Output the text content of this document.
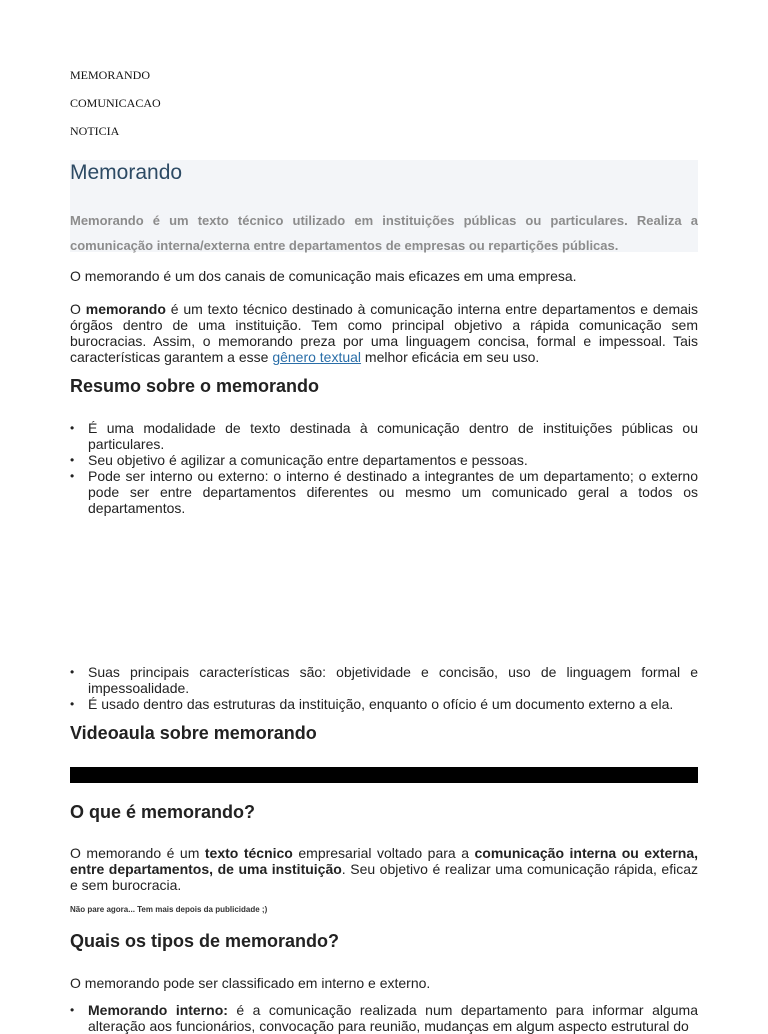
MEMORANDO
COMUNICACAO
NOTICIA
Memorando
Memorando é um texto técnico utilizado em instituições públicas ou particulares. Realiza a comunicação interna/externa entre departamentos de empresas ou repartições públicas.

O memorando é um dos canais de comunicação mais eficazes em uma empresa.

O memorando é um texto técnico destinado à comunicação interna entre departamentos e demais órgãos dentro de uma instituição. Tem como principal objetivo a rápida comunicação sem burocracias. Assim, o memorando preza por uma linguagem concisa, formal e impessoal. Tais características garantem a esse gênero textual melhor eficácia em seu uso.

Resumo sobre o memorando
• É uma modalidade de texto destinada à comunicação dentro de instituições públicas ou particulares.
• Seu objetivo é agilizar a comunicação entre departamentos e pessoas.
• Pode ser interno ou externo: o interno é destinado a integrantes de um departamento; o externo pode ser entre departamentos diferentes ou mesmo um comunicado geral a todos os departamentos.
• Suas principais características são: objetividade e concisão, uso de linguagem formal e impessoalidade.
• É usado dentro das estruturas da instituição, enquanto o ofício é um documento externo a ela.
Videoaula sobre memorando
O que é memorando?

O memorando é um texto técnico empresarial voltado para a comunicação interna ou externa, entre departamentos, de uma instituição. Seu objetivo é realizar uma comunicação rápida, eficaz e sem burocracia.

Não pare agora... Tem mais depois da publicidade ;)
Quais os tipos de memorando?

O memorando pode ser classificado em interno e externo.

• Memorando interno: é a comunicação realizada num departamento para informar alguma alteração aos funcionários, convocação para reunião, mudanças em algum aspecto estrutural do
